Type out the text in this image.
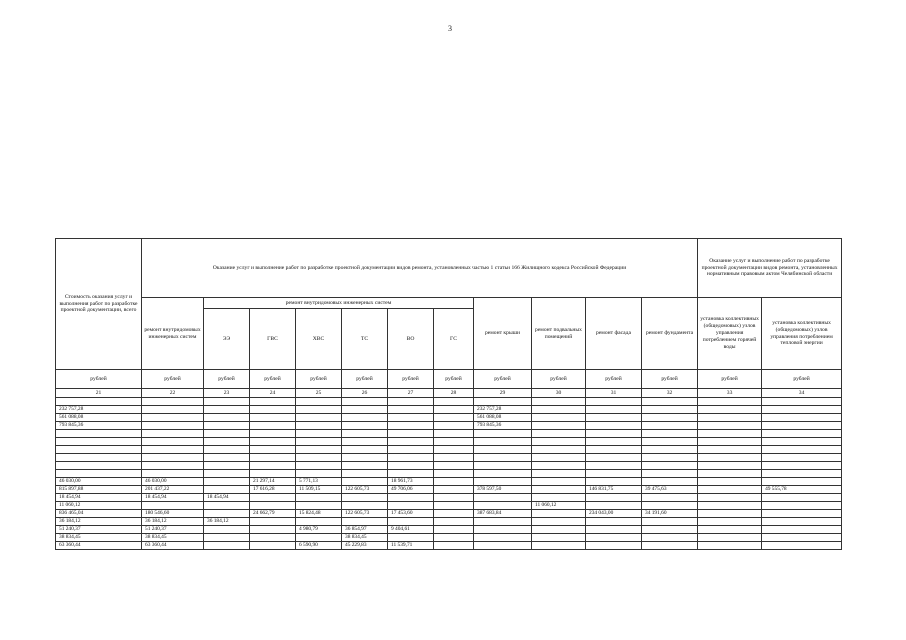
3
Стоимость оказания услуг и выполнения работ по разработке проектной документации, всего	Оказание услуг и выполнение работ по разработке проектной документации видов ремонта, установленных частью 1 статьи 166 Жилищного кодекса Российской Федерации											Оказание услуг и выполнение работ по разработке проектной документации видов ремонта, установленных нормативным правовым актом Челябинской области	
	ремонт внутридомовых инженерных систем	ремонт внутридомовых инженерных систем						ремонт крыши	ремонт подвальных помещений	ремонт фасада	ремонт фундамента	установка коллективных (общедомовых) узлов управления потреблением горячей воды	установка коллективных (общедомовых) узлов управления потреблением тепловой энергии
		ЭЭ	ГВС	ХВС	ТС	ВО	ГС						
рублей	рублей	рублей	рублей	рублей	рублей	рублей	рублей	рублей	рублей	рублей	рублей	рублей	рублей
21	22	23	24	25	26	27	28	29	30	31	32	33	34

232 757,28								232 757,28					
561 088,08								561 088,08					
793 845,36								793 845,36					

46 030,00	46 030,00		21 297,14	5 771,13		18 961,73							
815 897,88	201 437,22		17 616,28	11 509,15	122 605,73	49 706,06		378 597,50		146 831,75	39 475,63		49 555,78
18 454,94	18 454,94	18 454,94											
11 060,12									11 060,12				
836 465,04	180 546,60		24 662,79	15 824,48	122 605,73	17 453,60		387 683,84		234 043,00	34 191,60		
36 184,12	36 184,12	36 184,12											
51 240,37	51 240,37			4 980,79	36 854,97	9 404,61							
38 834,45	38 834,45				38 834,45								
63 360,44	63 360,44			6 590,90	45 229,83	11 539,71							
